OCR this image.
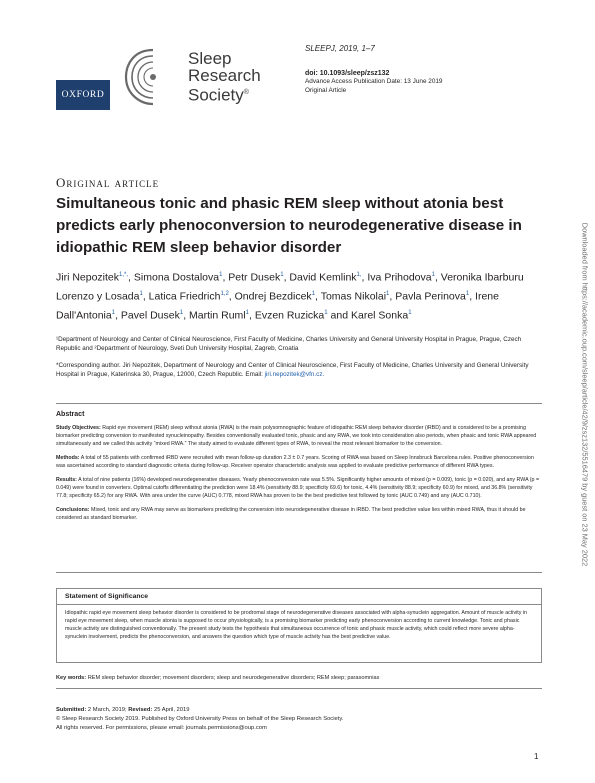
OXFORD
Sleep
Research
Society®
SLEEPJ, 2019, 1–7
doi: 10.1093/sleep/zsz132
Advance Access Publication Date: 13 June 2019
Original Article
Original article
Simultaneous tonic and phasic REM sleep without atonia best predicts early phenoconversion to neurodegenerative disease in idiopathic REM sleep behavior disorder
Jiri Nepozitek$^{1,*,}$, Simona Dostalova$^1$, Petr Dusek$^1$, David Kemlink$^{1,}$, Iva Prihodova$^1$, Veronika Ibarburu Lorenzo y Losada$^1$, Latica Friedrich$^{1,2}$, Ondrej Bezdicek$^1$, Tomas Nikolai$^1$, Pavla Perinova$^1$, Irene Dall'Antonia$^1$, Pavel Dusek$^1$, Martin Ruml$^1$, Evzen Ruzicka$^1$ and Karel Sonka$^1$
¹Department of Neurology and Center of Clinical Neuroscience, First Faculty of Medicine, Charles University and General University Hospital in Prague, Prague, Czech Republic and ²Department of Neurology, Sveti Duh University Hospital, Zagreb, Croatia
*Corresponding author. Jiri Nepozitek, Department of Neurology and Center of Clinical Neuroscience, First Faculty of Medicine, Charles University and General University Hospital in Prague, Katerinska 30, Prague, 12000, Czech Republic. Email: jiri.nepozitek@vfn.cz.
Abstract

Study Objectives: Rapid eye movement (REM) sleep without atonia (RWA) is the main polysomnographic feature of idiopathic REM sleep behavior disorder (iRBD) and is considered to be a promising biomarker predicting conversion to manifested synucleinopathy. Besides conventionally evaluated tonic, phasic and any RWA, we took into consideration also periods, when phasic and tonic RWA appeared simultaneously and we called this activity “mixed RWA.” The study aimed to evaluate different types of RWA, to reveal the most relevant biomarker to the conversion.

Methods: A total of 55 patients with confirmed iRBD were recruited with mean follow-up duration 2.3 ± 0.7 years. Scoring of RWA was based on Sleep Innsbruck Barcelona rules. Positive phenoconversion was ascertained according to standard diagnostic criteria during follow-up. Receiver operator characteristic analysis was applied to evaluate predictive performance of different RWA types.

Results: A total of nine patients (16%) developed neurodegenerative diseases. Yearly phenoconversion rate was 5.5%. Significantly higher amounts of mixed (p = 0.009), tonic (p = 0.020), and any RWA (p = 0.049) were found in converters. Optimal cutoffs differentiating the prediction were 18.4% (sensitivity 88.9; specificity 69.6) for tonic, 4.4% (sensitivity 88.9; specificity 60.9) for mixed, and 36.8% (sensitivity 77.8; specificity 65.2) for any RWA. With area under the curve (AUC) 0.778, mixed RWA has proven to be the best predictive test followed by tonic (AUC 0.749) and any (AUC 0.710).

Conclusions: Mixed, tonic and any RWA may serve as biomarkers predicting the conversion into neurodegenerative disease in iRBD. The best predictive value lies within mixed RWA, thus it should be considered as standard biomarker.

Statement of Significance

Idiopathic rapid eye movement sleep behavior disorder is considered to be prodromal stage of neurodegenerative diseases associated with alpha-synuclein aggregation. Amount of muscle activity in rapid eye movement sleep, when muscle atonia is supposed to occur physiologically, is a promising biomarker predicting early phenoconversion according to current knowledge. Tonic and phasic muscle activity are distinguished conventionally. The present study tests the hypothesis that simultaneous occurrence of tonic and phasic muscle activity, which could reflect more severe alpha-synuclein involvement, predicts the phenoconversion, and answers the question which type of muscle activity has the best predictive value.

Key words: REM sleep behavior disorder; movement disorders; sleep and neurodegenerative disorders; REM sleep; parasomnias
Submitted: 2 March, 2019; Revised: 25 April, 2019
© Sleep Research Society 2019. Published by Oxford University Press on behalf of the Sleep Research Society.
All rights reserved. For permissions, please email: journals.permissions@oup.com
1
Downloaded from https://academic.oup.com/sleep/article/42/9/zsz132/5516479 by guest on 23 May 2022
